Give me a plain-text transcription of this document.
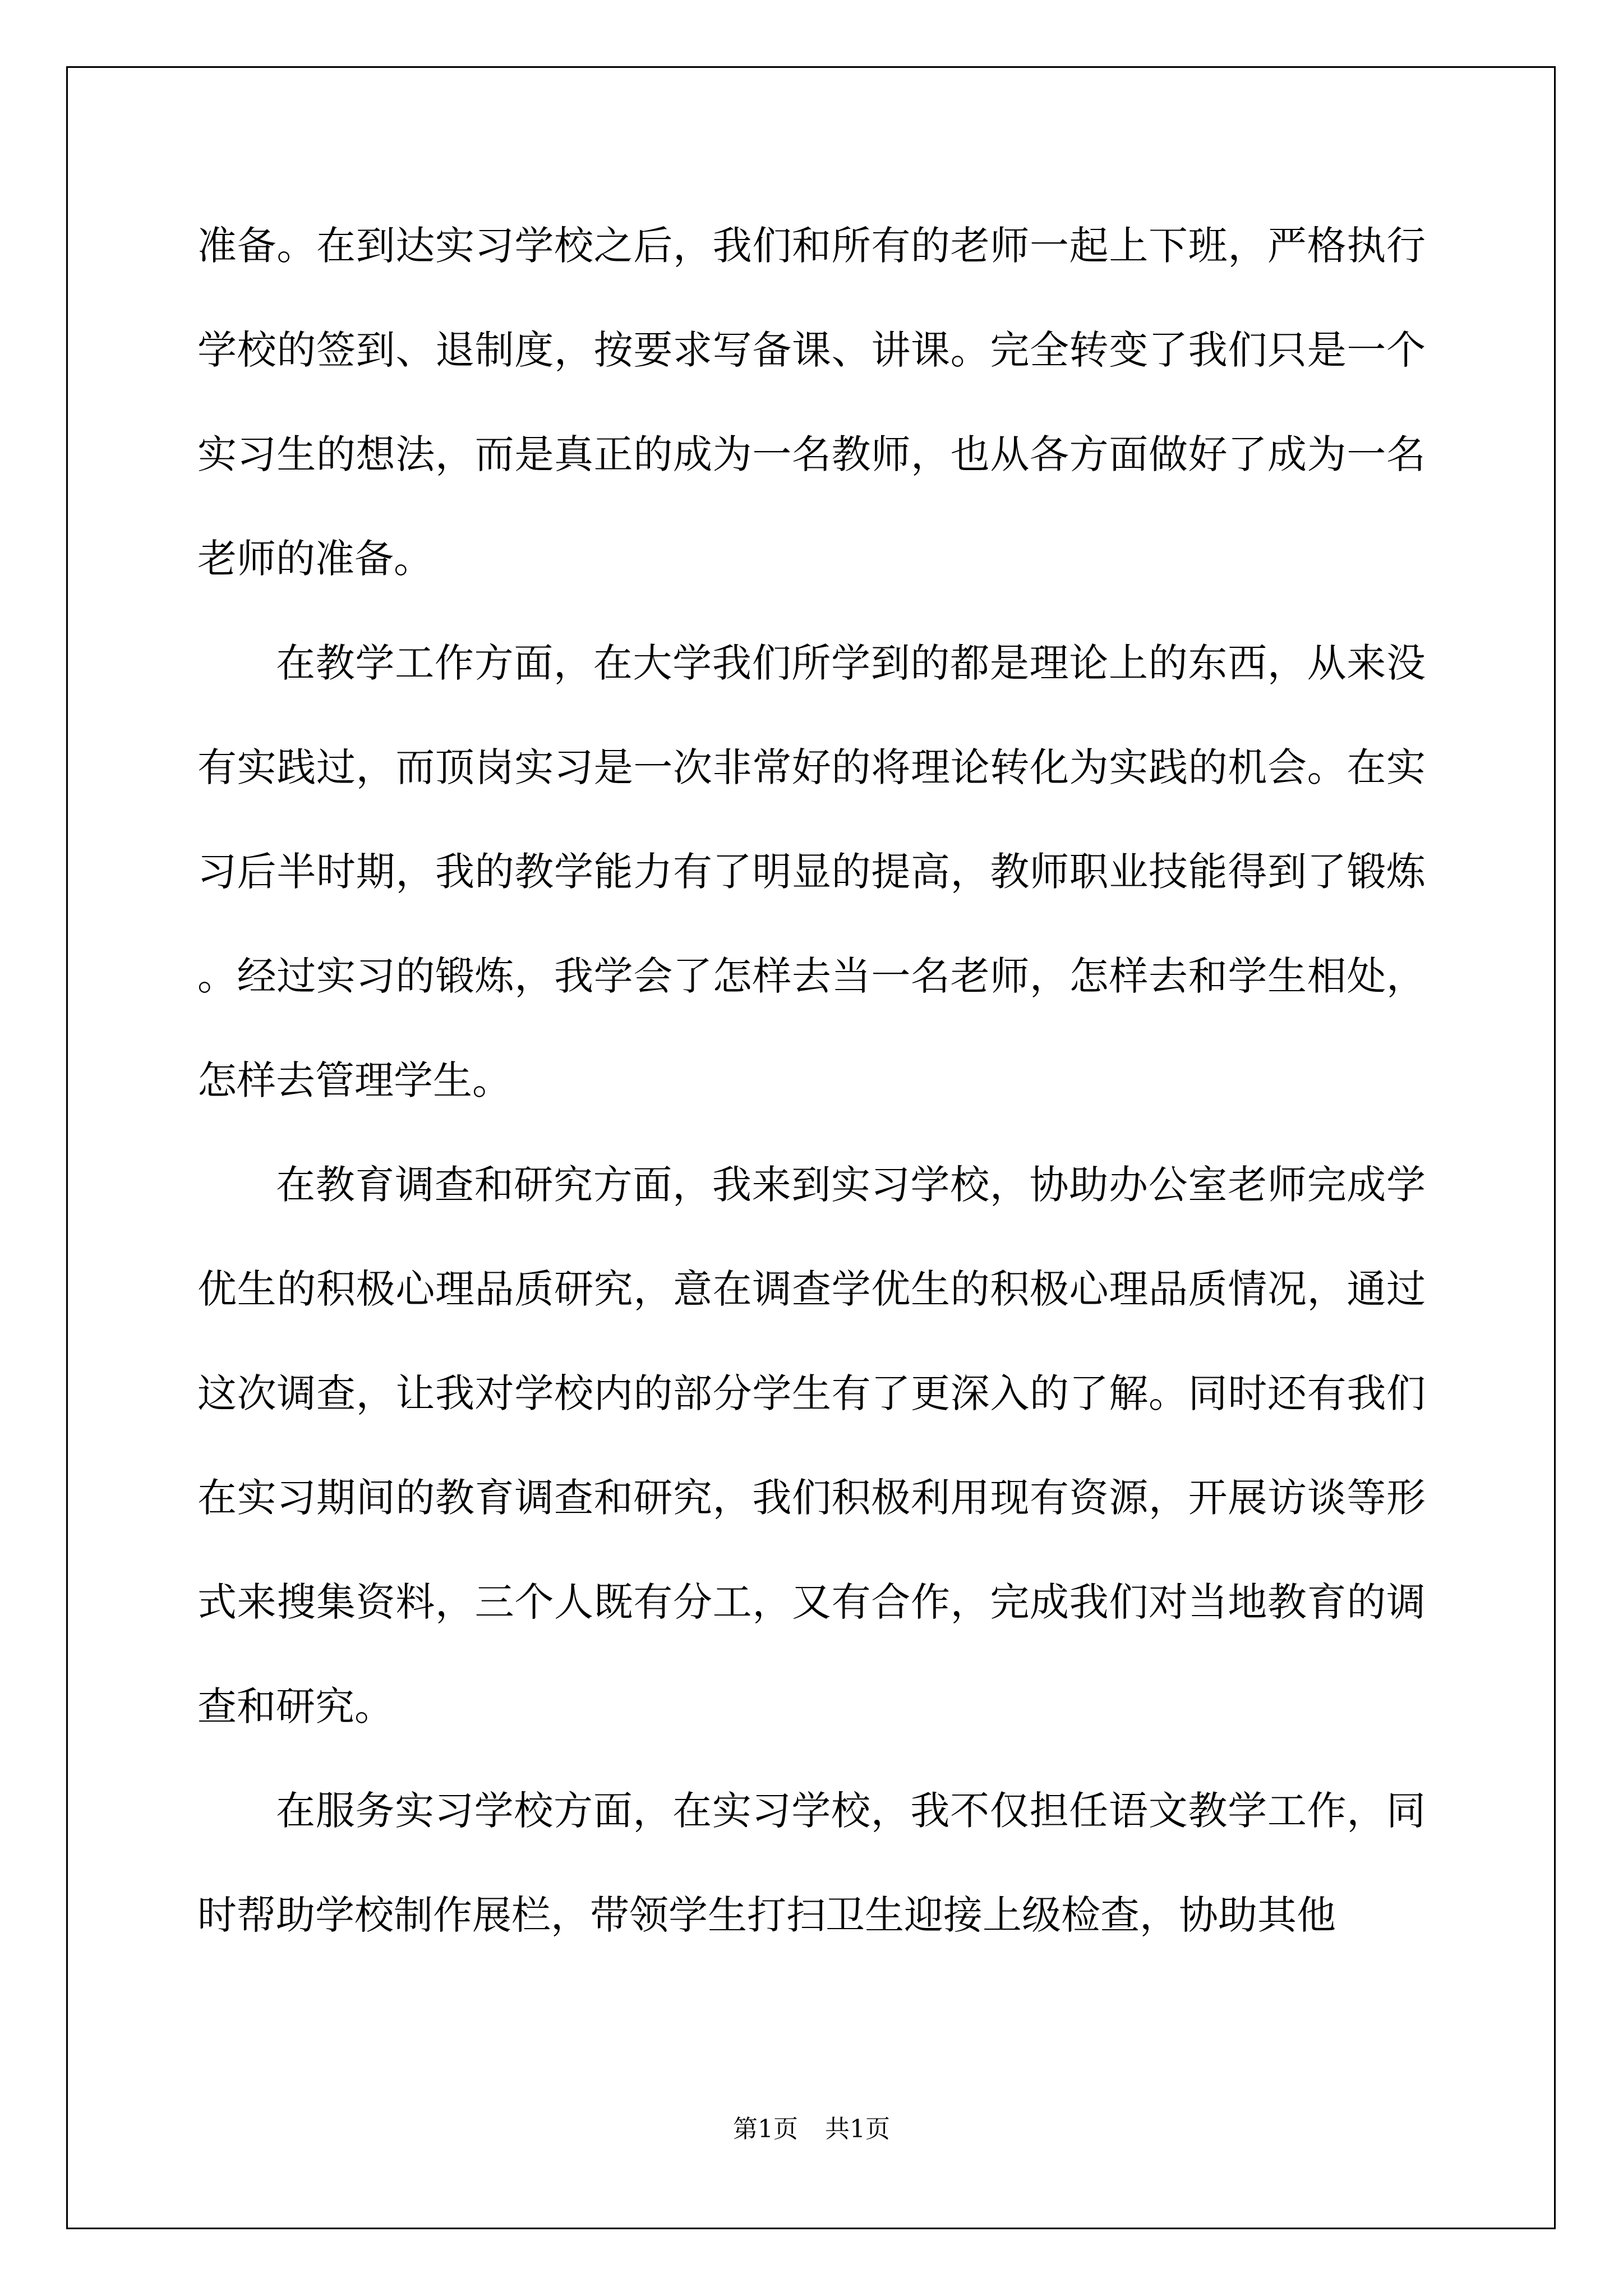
准备。在到达实习学校之后，我们和所有的老师一起上下班，严格执行学校的签到、退制度，按要求写备课、讲课。完全转变了我们只是一个实习生的想法，而是真正的成为一名教师，也从各方面做好了成为一名老师的准备。

在教学工作方面，在大学我们所学到的都是理论上的东西，从来没有实践过，而顶岗实习是一次非常好的将理论转化为实践的机会。在实习后半时期，我的教学能力有了明显的提高，教师职业技能得到了锻炼。经过实习的锻炼，我学会了怎样去当一名老师，怎样去和学生相处，怎样去管理学生。

在教育调查和研究方面，我来到实习学校，协助办公室老师完成学优生的积极心理品质研究，意在调查学优生的积极心理品质情况，通过这次调查，让我对学校内的部分学生有了更深入的了解。同时还有我们在实习期间的教育调查和研究，我们积极利用现有资源，开展访谈等形式来搜集资料，三个人既有分工，又有合作，完成我们对当地教育的调查和研究。

在服务实习学校方面，在实习学校，我不仅担任语文教学工作，同时帮助学校制作展栏，带领学生打扫卫生迎接上级检查，协助其他

第1页 共1页
